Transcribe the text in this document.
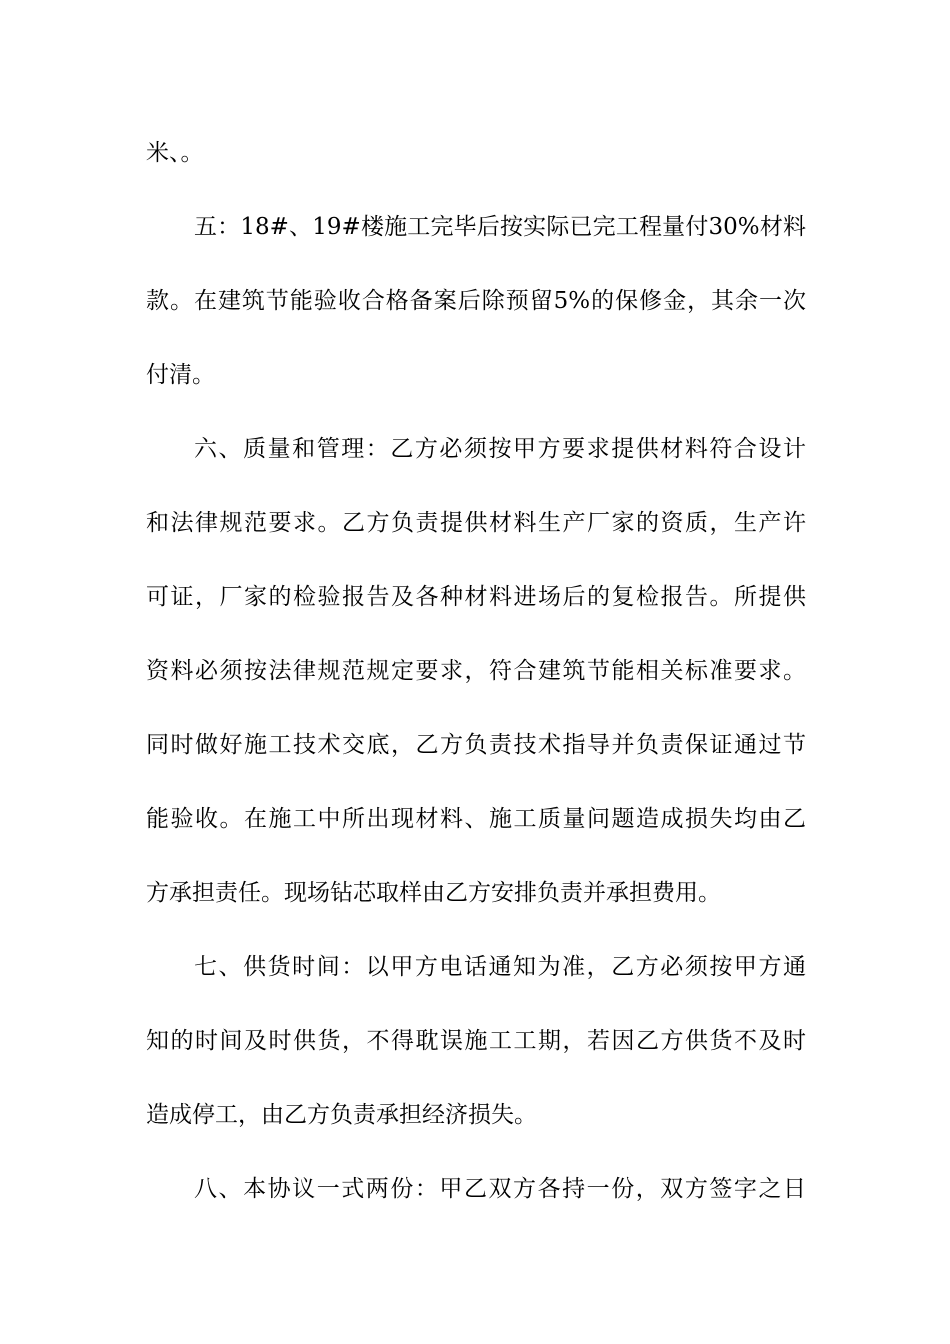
米、。
五：18#、19#楼施工完毕后按实际已完工程量付30%材料
款。在建筑节能验收合格备案后除预留5%的保修金，其余一次
付清。
六、质量和管理：乙方必须按甲方要求提供材料符合设计
和法律规范要求。乙方负责提供材料生产厂家的资质，生产许
可证，厂家的检验报告及各种材料进场后的复检报告。所提供
资料必须按法律规范规定要求，符合建筑节能相关标准要求。
同时做好施工技术交底，乙方负责技术指导并负责保证通过节
能验收。在施工中所出现材料、施工质量问题造成损失均由乙
方承担责任。现场钻芯取样由乙方安排负责并承担费用。
七、供货时间：以甲方电话通知为准，乙方必须按甲方通
知的时间及时供货，不得耽误施工工期，若因乙方供货不及时
造成停工，由乙方负责承担经济损失。
八、本协议一式两份：甲乙双方各持一份，双方签字之日
